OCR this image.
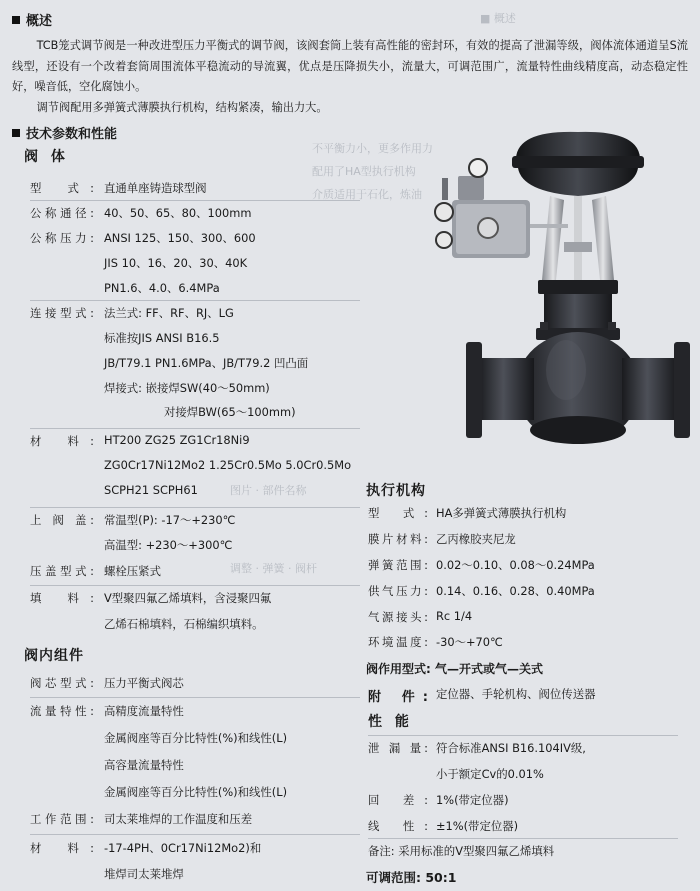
概述

TCB笼式调节阀是一种改进型压力平衡式的调节阀，该阀套筒上装有高性能的密封环，有效的提高了泄漏等级，阀体流体通道呈S流线型，还设有一个改着套筒周围流体平稳流动的导流翼，优点是压降损失小，流量大，可调范围广，流量特性曲线精度高，动态稳定性好，噪音低，空化腐蚀小。

调节阀配用多弹簧式薄膜执行机构，结构紧凑，输出力大。

技术参数和性能
阀 体
型 式: 直通单座铸造球型阀
公称通径: 40、50、65、80、100mm
公称压力: ANSI 125、150、300、600
JIS 10、16、20、30、40K
PN1.6、4.0、6.4MPa
连接型式: 法兰式: FF、RF、RJ、LG
标准按JIS ANSI B16.5
JB/T79.1 PN1.6MPa、JB/T79.2 凹凸面
焊接式: 嵌接焊SW(40～50mm)
对接焊BW(65～100mm)
材 料: HT200 ZG25 ZG1Cr18Ni9
ZG0Cr17Ni12Mo2 1.25Cr0.5Mo 5.0Cr0.5Mo
SCPH21 SCPH61
上 阀 盖: 常温型(P): -17～+230℃
高温型: +230～+300℃
压盖型式: 螺栓压紧式
填 料: V型聚四氟乙烯填料，含浸聚四氟
乙烯石棉填料，石棉编织填料。
阀内组件
阀芯型式: 压力平衡式阀芯
流量特性: 高精度流量特性
金属阀座等百分比特性(%)和线性(L)
高容量流量特性
金属阀座等百分比特性(%)和线性(L)
工作范围: 司太莱堆焊的工作温度和压差
材 料: -17-4PH、0Cr17Ni12Mo2)和
堆焊司太莱堆焊
■ 概述
不平衡力小，更多作用力
配用了HA型执行机构
介质适用于石化，炼油
图片 · 部件名称
调整 · 弹簧 · 阀杆
执行机构
型 式: HA多弹簧式薄膜执行机构
膜片材料: 乙丙橡胶夹尼龙
弹簧范围: 0.02～0.10、0.08～0.24MPa
供气压力: 0.14、0.16、0.28、0.40MPa
气源接头: Rc 1/4
环境温度: -30～+70℃
阀作用型式: 气—开式或气—关式
附 件: 定位器、手轮机构、阀位传送器
性 能
泄 漏 量: 符合标准ANSI B16.104IV级,
小于额定Cv的0.01%
回 差: 1%(带定位器)
线 性: ±1%(带定位器)
备注: 采用标准的V型聚四氟乙烯填料
可调范围: 50:1
